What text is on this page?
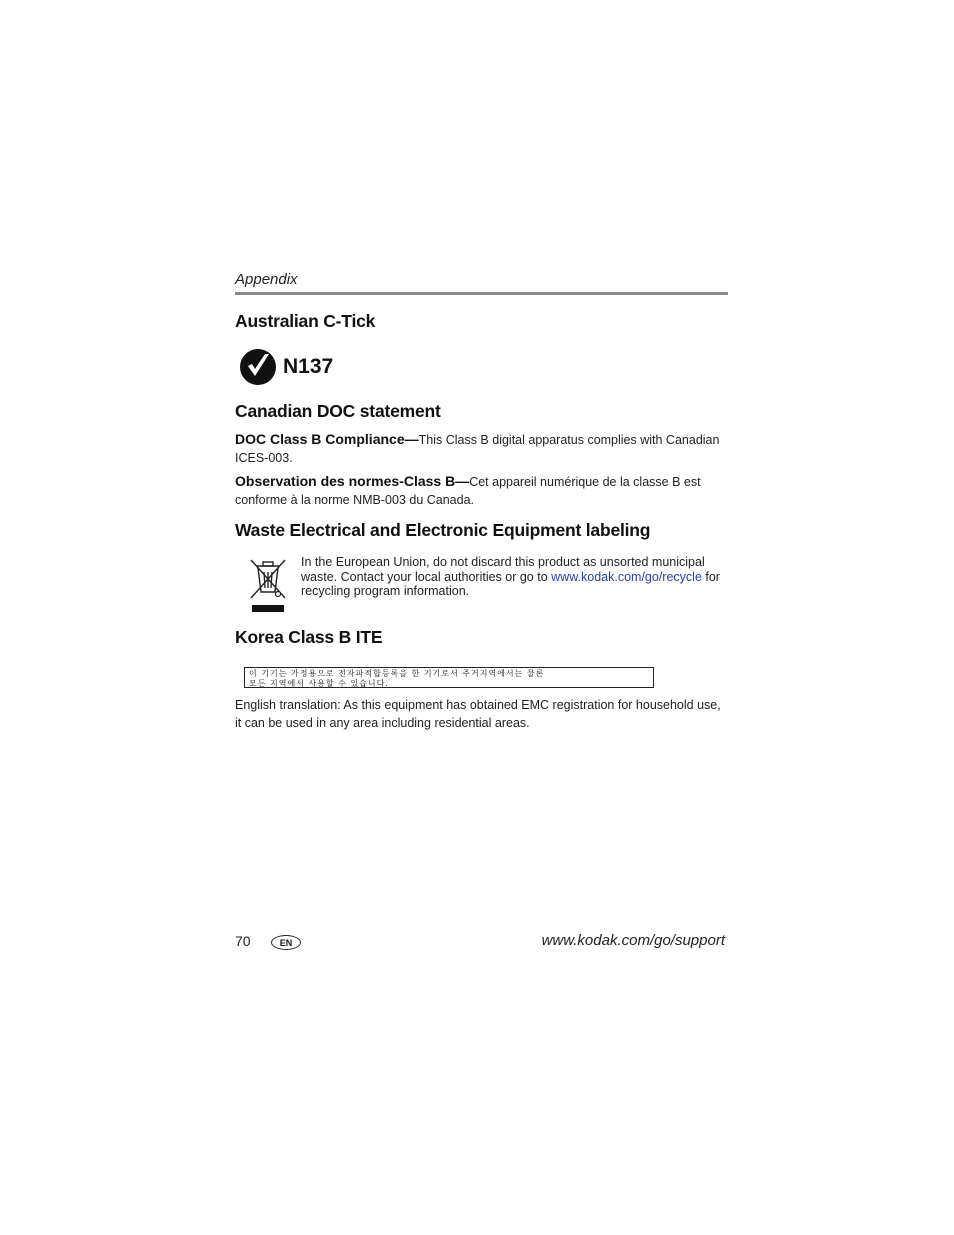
Appendix
Australian C-Tick
N137
Canadian DOC statement
DOC Class B Compliance—This Class B digital apparatus complies with Canadian ICES-003.
Observation des normes-Class B—Cet appareil numérique de la classe B est conforme à la norme NMB-003 du Canada.
Waste Electrical and Electronic Equipment labeling
In the European Union, do not discard this product as unsorted municipal waste. Contact your local authorities or go to www.kodak.com/go/recycle for recycling program information.
Korea Class B ITE
이 기기는 가정용으로 전자파적합등록을 한 기기로서 주거지역에서는 물론
모든 지역에서 사용할 수 있습니다.
English translation: As this equipment has obtained EMC registration for household use, it can be used in any area including residential areas.
70	EN	www.kodak.com/go/support
